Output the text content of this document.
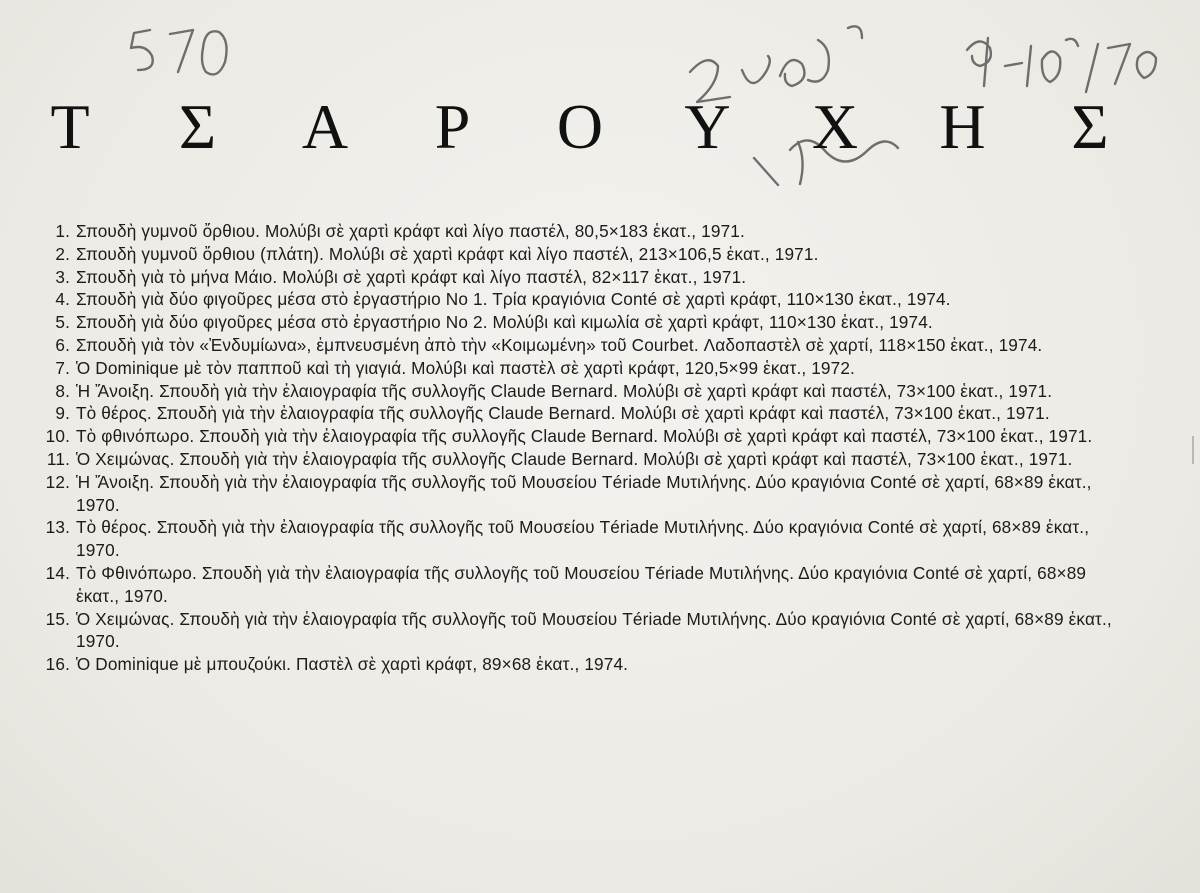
Τ Σ Α Ρ Ο Υ Χ Η Σ
1. Σπουδὴ γυμνοῦ ὄρθιου. Μολύβι σὲ χαρτὶ κράφτ καὶ λίγο παστέλ, 80,5×183 ἑκατ., 1971.
2. Σπουδὴ γυμνοῦ ὄρθιου (πλάτη). Μολύβι σὲ χαρτὶ κράφτ καὶ λίγο παστέλ, 213×106,5 ἑκατ., 1971.
3. Σπουδὴ γιὰ τὸ μήνα Μάιο. Μολύβι σὲ χαρτὶ κράφτ καὶ λίγο παστέλ, 82×117 ἑκατ., 1971.
4. Σπουδὴ γιὰ δύο φιγοῦρες μέσα στὸ ἐργαστήριο Νο 1. Τρία κραγιόνια Conté σὲ χαρτὶ κράφτ, 110×130 ἑκατ., 1974.
5. Σπουδὴ γιὰ δύο φιγοῦρες μέσα στὸ ἐργαστήριο Νο 2. Μολύβι καὶ κιμωλία σὲ χαρτὶ κράφτ, 110×130 ἑκατ., 1974.
6. Σπουδὴ γιὰ τὸν «Ἐνδυμίωνα», ἐμπνευσμένη ἀπὸ τὴν «Κοιμωμένη» τοῦ Courbet. Λαδοπαστὲλ σὲ χαρτί, 118×150 ἑκατ., 1974.
7. Ὁ Dominique μὲ τὸν παπποῦ καὶ τὴ γιαγιά. Μολύβι καὶ παστὲλ σὲ χαρτὶ κράφτ, 120,5×99 ἑκατ., 1972.
8. Ἡ Ἄνοιξη. Σπουδὴ γιὰ τὴν ἐλαιογραφία τῆς συλλογῆς Claude Bernard. Μολύβι σὲ χαρτὶ κράφτ καὶ παστέλ, 73×100 ἑκατ., 1971.
9. Τὸ θέρος. Σπουδὴ γιὰ τὴν ἐλαιογραφία τῆς συλλογῆς Claude Bernard. Μολύβι σὲ χαρτὶ κράφτ καὶ παστέλ, 73×100 ἑκατ., 1971.
10. Τὸ φθινόπωρο. Σπουδὴ γιὰ τὴν ἐλαιογραφία τῆς συλλογῆς Claude Bernard. Μολύβι σὲ χαρτὶ κράφτ καὶ παστέλ, 73×100 ἑκατ., 1971.
11. Ὁ Χειμώνας. Σπουδὴ γιὰ τὴν ἐλαιογραφία τῆς συλλογῆς Claude Bernard. Μολύβι σὲ χαρτὶ κράφτ καὶ παστέλ, 73×100 ἑκατ., 1971.
12. Ἡ Ἄνοιξη. Σπουδὴ γιὰ τὴν ἐλαιογραφία τῆς συλλογῆς τοῦ Μουσείου Tériade Μυτιλήνης. Δύο κραγιόνια Conté σὲ χαρτί, 68×89 ἑκατ., 1970.
13. Τὸ θέρος. Σπουδὴ γιὰ τὴν ἐλαιογραφία τῆς συλλογῆς τοῦ Μουσείου Tériade Μυτιλήνης. Δύο κραγιόνια Conté σὲ χαρτί, 68×89 ἑκατ., 1970.
14. Τὸ Φθινόπωρο. Σπουδὴ γιὰ τὴν ἐλαιογραφία τῆς συλλογῆς τοῦ Μουσείου Tériade Μυτιλήνης. Δύο κραγιόνια Conté σὲ χαρτί, 68×89 ἑκατ., 1970.
15. Ὁ Χειμώνας. Σπουδὴ γιὰ τὴν ἐλαιογραφία τῆς συλλογῆς τοῦ Μουσείου Tériade Μυτιλήνης. Δύο κραγιόνια Conté σὲ χαρτί, 68×89 ἑκατ., 1970.
16. Ὁ Dominique μὲ μπουζούκι. Παστὲλ σὲ χαρτὶ κράφτ, 89×68 ἑκατ., 1974.
